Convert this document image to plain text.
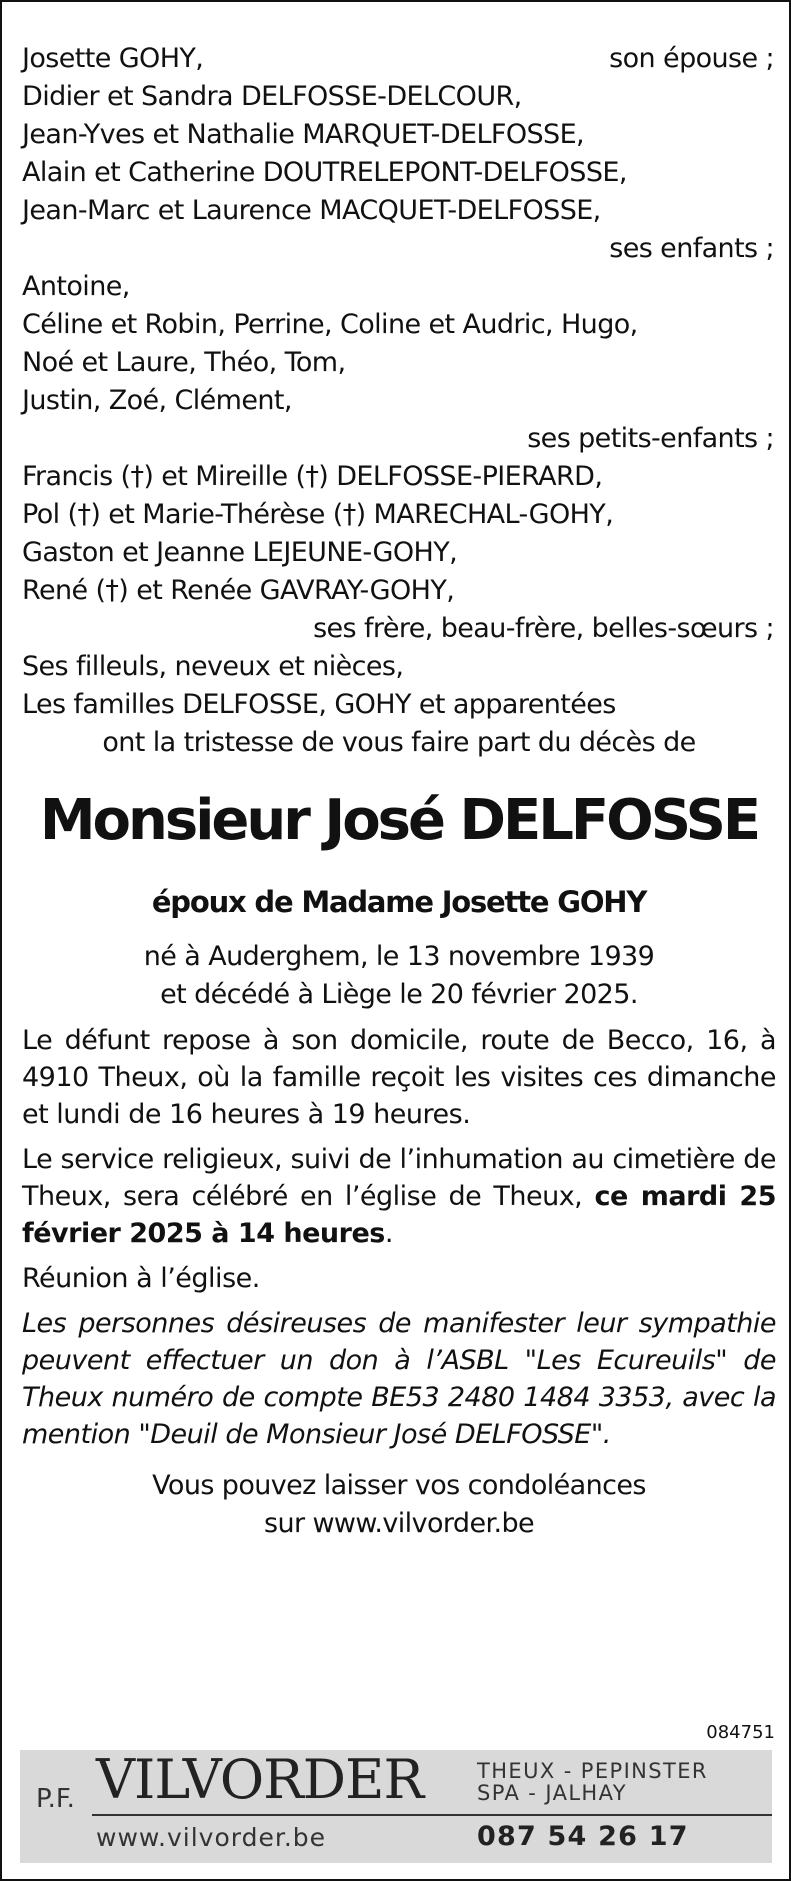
Josette GOHY,	son épouse ;
Didier et Sandra DELFOSSE-DELCOUR,
Jean-Yves et Nathalie MARQUET-DELFOSSE,
Alain et Catherine DOUTRELEPONT-DELFOSSE,
Jean-Marc et Laurence MACQUET-DELFOSSE,
ses enfants ;
Antoine,
Céline et Robin, Perrine, Coline et Audric, Hugo,
Noé et Laure, Théo, Tom,
Justin, Zoé, Clément,
ses petits-enfants ;
Francis (†) et Mireille (†) DELFOSSE-PIERARD,
Pol (†) et Marie-Thérèse (†) MARECHAL-GOHY,
Gaston et Jeanne LEJEUNE-GOHY,
René (†) et Renée GAVRAY-GOHY,
ses frère, beau-frère, belles-sœurs ;
Ses filleuls, neveux et nièces,
Les familles DELFOSSE, GOHY et apparentées
ont la tristesse de vous faire part du décès de
Monsieur José DELFOSSE
époux de Madame Josette GOHY
né à Auderghem, le 13 novembre 1939
et décédé à Liège le 20 février 2025.
Le défunt repose à son domicile, route de Becco, 16, à 4910 Theux, où la famille reçoit les visites ces dimanche et lundi de 16 heures à 19 heures.
Le service religieux, suivi de l’inhumation au cimetière de Theux, sera célébré en l’église de Theux, ce mardi 25 février 2025 à 14 heures.
Réunion à l’église.
Les personnes désireuses de manifester leur sympathie peuvent effectuer un don à l’ASBL "Les Ecureuils" de Theux numéro de compte BE53 2480 1484 3353, avec la mention "Deuil de Monsieur José DELFOSSE".
Vous pouvez laisser vos condoléances
sur www.vilvorder.be
084751
P.F. VILVORDER	THEUX - PEPINSTER
SPA - JALHAY
www.vilvorder.be	087 54 26 17
